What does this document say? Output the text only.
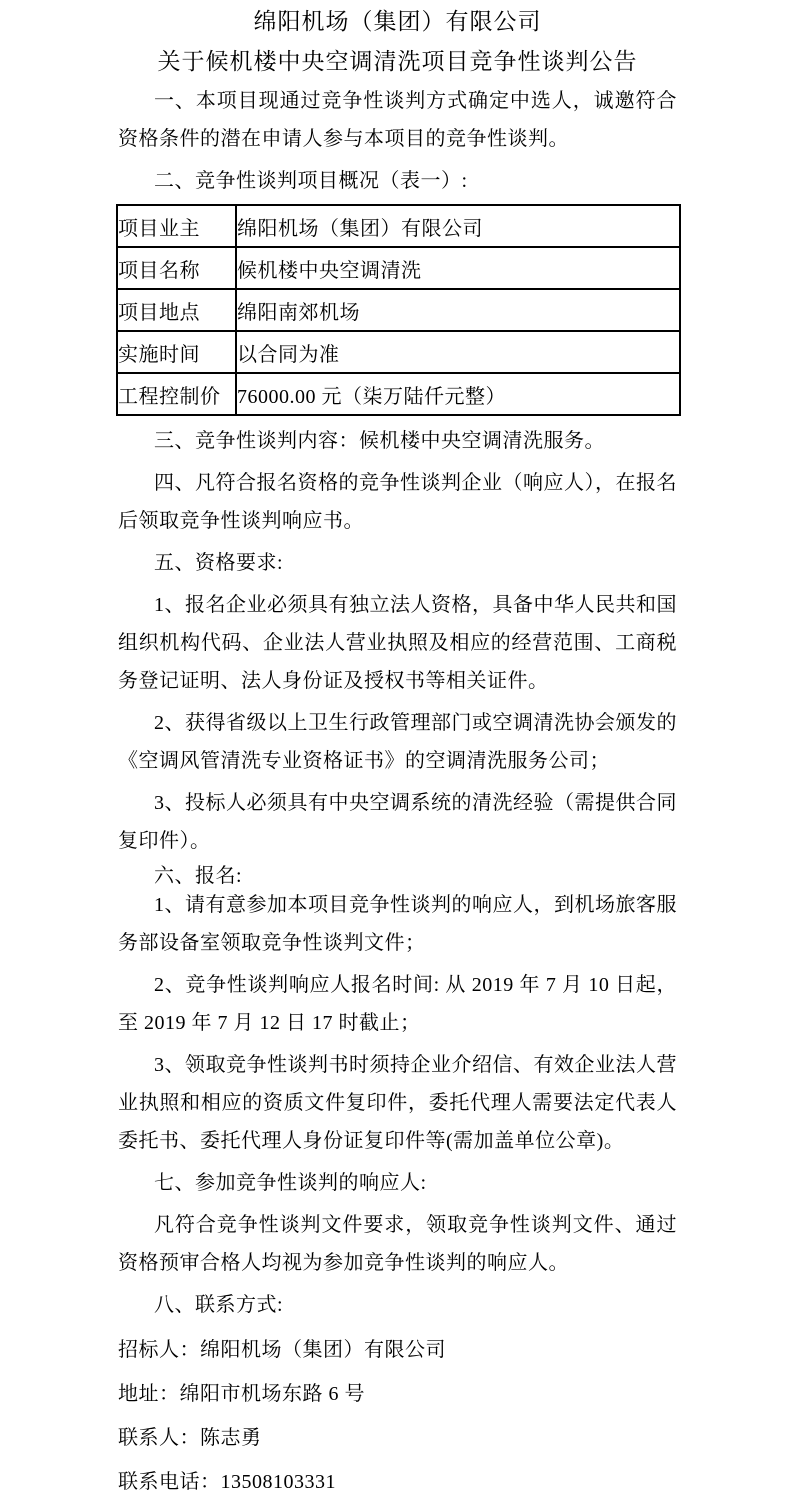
绵阳机场（集团）有限公司
关于候机楼中央空调清洗项目竞争性谈判公告

一、本项目现通过竞争性谈判方式确定中选人，诚邀符合资格条件的潜在申请人参与本项目的竞争性谈判。

二、竞争性谈判项目概况（表一）:

项目业主	绵阳机场（集团）有限公司
项目名称	候机楼中央空调清洗
项目地点	绵阳南郊机场
实施时间	以合同为准
工程控制价	76000.00 元（柒万陆仟元整）

三、竞争性谈判内容：候机楼中央空调清洗服务。

四、凡符合报名资格的竞争性谈判企业（响应人），在报名后领取竞争性谈判响应书。

五、资格要求:

1、报名企业必须具有独立法人资格，具备中华人民共和国组织机构代码、企业法人营业执照及相应的经营范围、工商税务登记证明、法人身份证及授权书等相关证件。

2、获得省级以上卫生行政管理部门或空调清洗协会颁发的《空调风管清洗专业资格证书》的空调清洗服务公司；

3、投标人必须具有中央空调系统的清洗经验（需提供合同复印件）。

六、报名:

1、请有意参加本项目竞争性谈判的响应人，到机场旅客服务部设备室领取竞争性谈判文件；

2、竞争性谈判响应人报名时间: 从 2019 年 7 月 10 日起，至 2019 年 7 月 12 日 17 时截止；

3、领取竞争性谈判书时须持企业介绍信、有效企业法人营业执照和相应的资质文件复印件，委托代理人需要法定代表人委托书、委托代理人身份证复印件等(需加盖单位公章)。

七、参加竞争性谈判的响应人:

凡符合竞争性谈判文件要求，领取竞争性谈判文件、通过资格预审合格人均视为参加竞争性谈判的响应人。

八、联系方式:

招标人：绵阳机场（集团）有限公司

地址：绵阳市机场东路 6 号

联系人：陈志勇

联系电话：13508103331
